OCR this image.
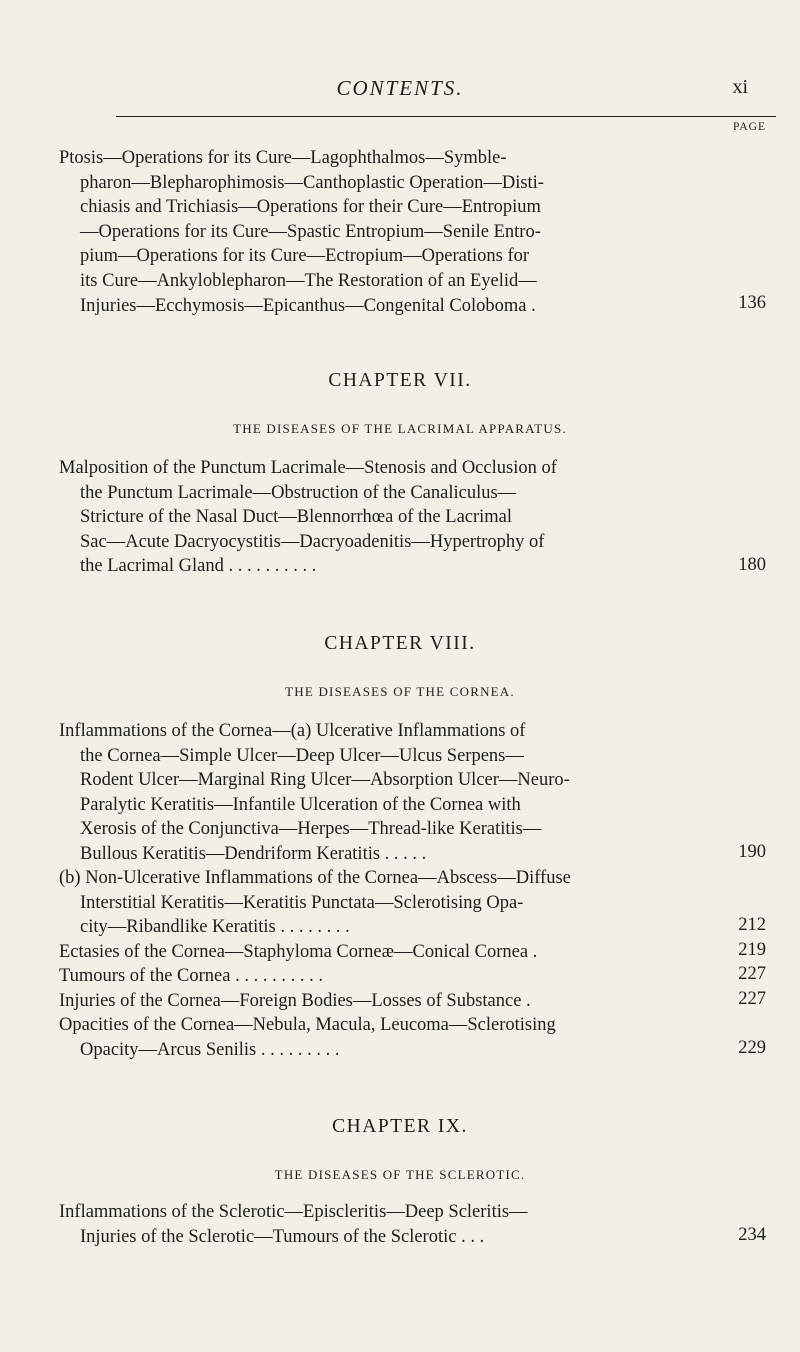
CONTENTS.	xi
PAGE
Ptosis—Operations for its Cure—Lagophthalmos—Symble-
pharon—Blepharophimosis—Canthoplastic Operation—Disti-
chiasis and Trichiasis—Operations for their Cure—Entropium
—Operations for its Cure—Spastic Entropium—Senile Entro-
pium—Operations for its Cure—Ectropium—Operations for
its Cure—Ankyloblepharon—The Restoration of an Eyelid—
Injuries—Ecchymosis—Epicanthus—Congenital Coloboma .	136
CHAPTER VII.
THE DISEASES OF THE LACRIMAL APPARATUS.
Malposition of the Punctum Lacrimale—Stenosis and Occlusion of
the Punctum Lacrimale—Obstruction of the Canaliculus—
Stricture of the Nasal Duct—Blennorrhœa of the Lacrimal
Sac—Acute Dacryocystitis—Dacryoadenitis—Hypertrophy of
the Lacrimal Gland . . . . . . . . . .	180
CHAPTER VIII.
THE DISEASES OF THE CORNEA.
Inflammations of the Cornea—(a) Ulcerative Inflammations of
the Cornea—Simple Ulcer—Deep Ulcer—Ulcus Serpens—
Rodent Ulcer—Marginal Ring Ulcer—Absorption Ulcer—Neuro-
Paralytic Keratitis—Infantile Ulceration of the Cornea with
Xerosis of the Conjunctiva—Herpes—Thread-like Keratitis—
Bullous Keratitis—Dendriform Keratitis . . . . .	190
(b) Non-Ulcerative Inflammations of the Cornea—Abscess—Diffuse
Interstitial Keratitis—Keratitis Punctata—Sclerotising Opa-
city—Ribandlike Keratitis . . . . . . . .	212
Ectasies of the Cornea—Staphyloma Corneæ—Conical Cornea .	219
Tumours of the Cornea . . . . . . . . . .	227
Injuries of the Cornea—Foreign Bodies—Losses of Substance .	227
Opacities of the Cornea—Nebula, Macula, Leucoma—Sclerotising
Opacity—Arcus Senilis . . . . . . . . .	229
CHAPTER IX.
THE DISEASES OF THE SCLEROTIC.
Inflammations of the Sclerotic—Episcleritis—Deep Scleritis—
Injuries of the Sclerotic—Tumours of the Sclerotic . . .	234
